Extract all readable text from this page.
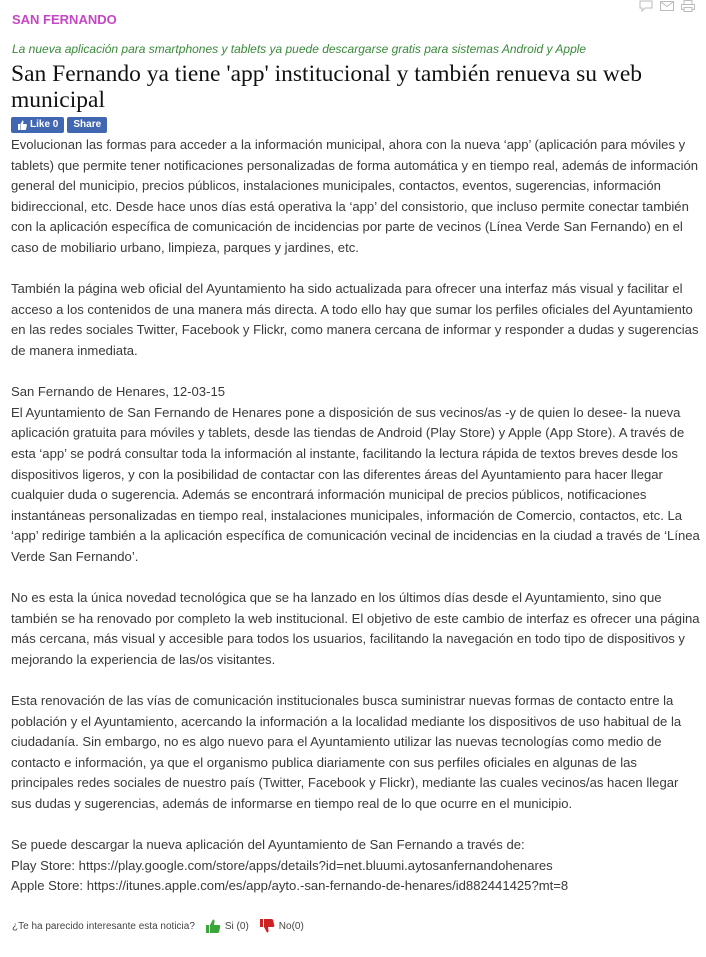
SAN FERNANDO
La nueva aplicación para smartphones y tablets ya puede descargarse gratis para sistemas Android y Apple
San Fernando ya tiene 'app' institucional y también renueva su web municipal
Like 0 Share

Evolucionan las formas para acceder a la información municipal, ahora con la nueva ‘app’ (aplicación para móviles y tablets) que permite tener notificaciones personalizadas de forma automática y en tiempo real, además de información general del municipio, precios públicos, instalaciones municipales, contactos, eventos, sugerencias, información bidireccional, etc. Desde hace unos días está operativa la ‘app’ del consistorio, que incluso permite conectar también con la aplicación específica de comunicación de incidencias por parte de vecinos (Línea Verde San Fernando) en el caso de mobiliario urbano, limpieza, parques y jardines, etc.

También la página web oficial del Ayuntamiento ha sido actualizada para ofrecer una interfaz más visual y facilitar el acceso a los contenidos de una manera más directa. A todo ello hay que sumar los perfiles oficiales del Ayuntamiento en las redes sociales Twitter, Facebook y Flickr, como manera cercana de informar y responder a dudas y sugerencias de manera inmediata.

San Fernando de Henares, 12-03-15

El Ayuntamiento de San Fernando de Henares pone a disposición de sus vecinos/as -y de quien lo desee- la nueva aplicación gratuita para móviles y tablets, desde las tiendas de Android (Play Store) y Apple (App Store). A través de esta ‘app’ se podrá consultar toda la información al instante, facilitando la lectura rápida de textos breves desde los dispositivos ligeros, y con la posibilidad de contactar con las diferentes áreas del Ayuntamiento para hacer llegar cualquier duda o sugerencia. Además se encontrará información municipal de precios públicos, notificaciones instantáneas personalizadas en tiempo real, instalaciones municipales, información de Comercio, contactos, etc. La ‘app’ redirige también a la aplicación específica de comunicación vecinal de incidencias en la ciudad a través de ‘Línea Verde San Fernando’.

No es esta la única novedad tecnológica que se ha lanzado en los últimos días desde el Ayuntamiento, sino que también se ha renovado por completo la web institucional. El objetivo de este cambio de interfaz es ofrecer una página más cercana, más visual y accesible para todos los usuarios, facilitando la navegación en todo tipo de dispositivos y mejorando la experiencia de las/os visitantes.

Esta renovación de las vías de comunicación institucionales busca suministrar nuevas formas de contacto entre la población y el Ayuntamiento, acercando la información a la localidad mediante los dispositivos de uso habitual de la ciudadanía. Sin embargo, no es algo nuevo para el Ayuntamiento utilizar las nuevas tecnologías como medio de contacto e información, ya que el organismo publica diariamente con sus perfiles oficiales en algunas de las principales redes sociales de nuestro país (Twitter, Facebook y Flickr), mediante las cuales vecinos/as hacen llegar sus dudas y sugerencias, además de informarse en tiempo real de lo que ocurre en el municipio.

Se puede descargar la nueva aplicación del Ayuntamiento de San Fernando a través de:

Play Store: https://play.google.com/store/apps/details?id=net.bluumi.aytosanfernandohenares

Apple Store: https://itunes.apple.com/es/app/ayto.-san-fernando-de-henares/id882441425?mt=8

¿Te ha parecido interesante esta noticia?	Si (0)	No(0)
